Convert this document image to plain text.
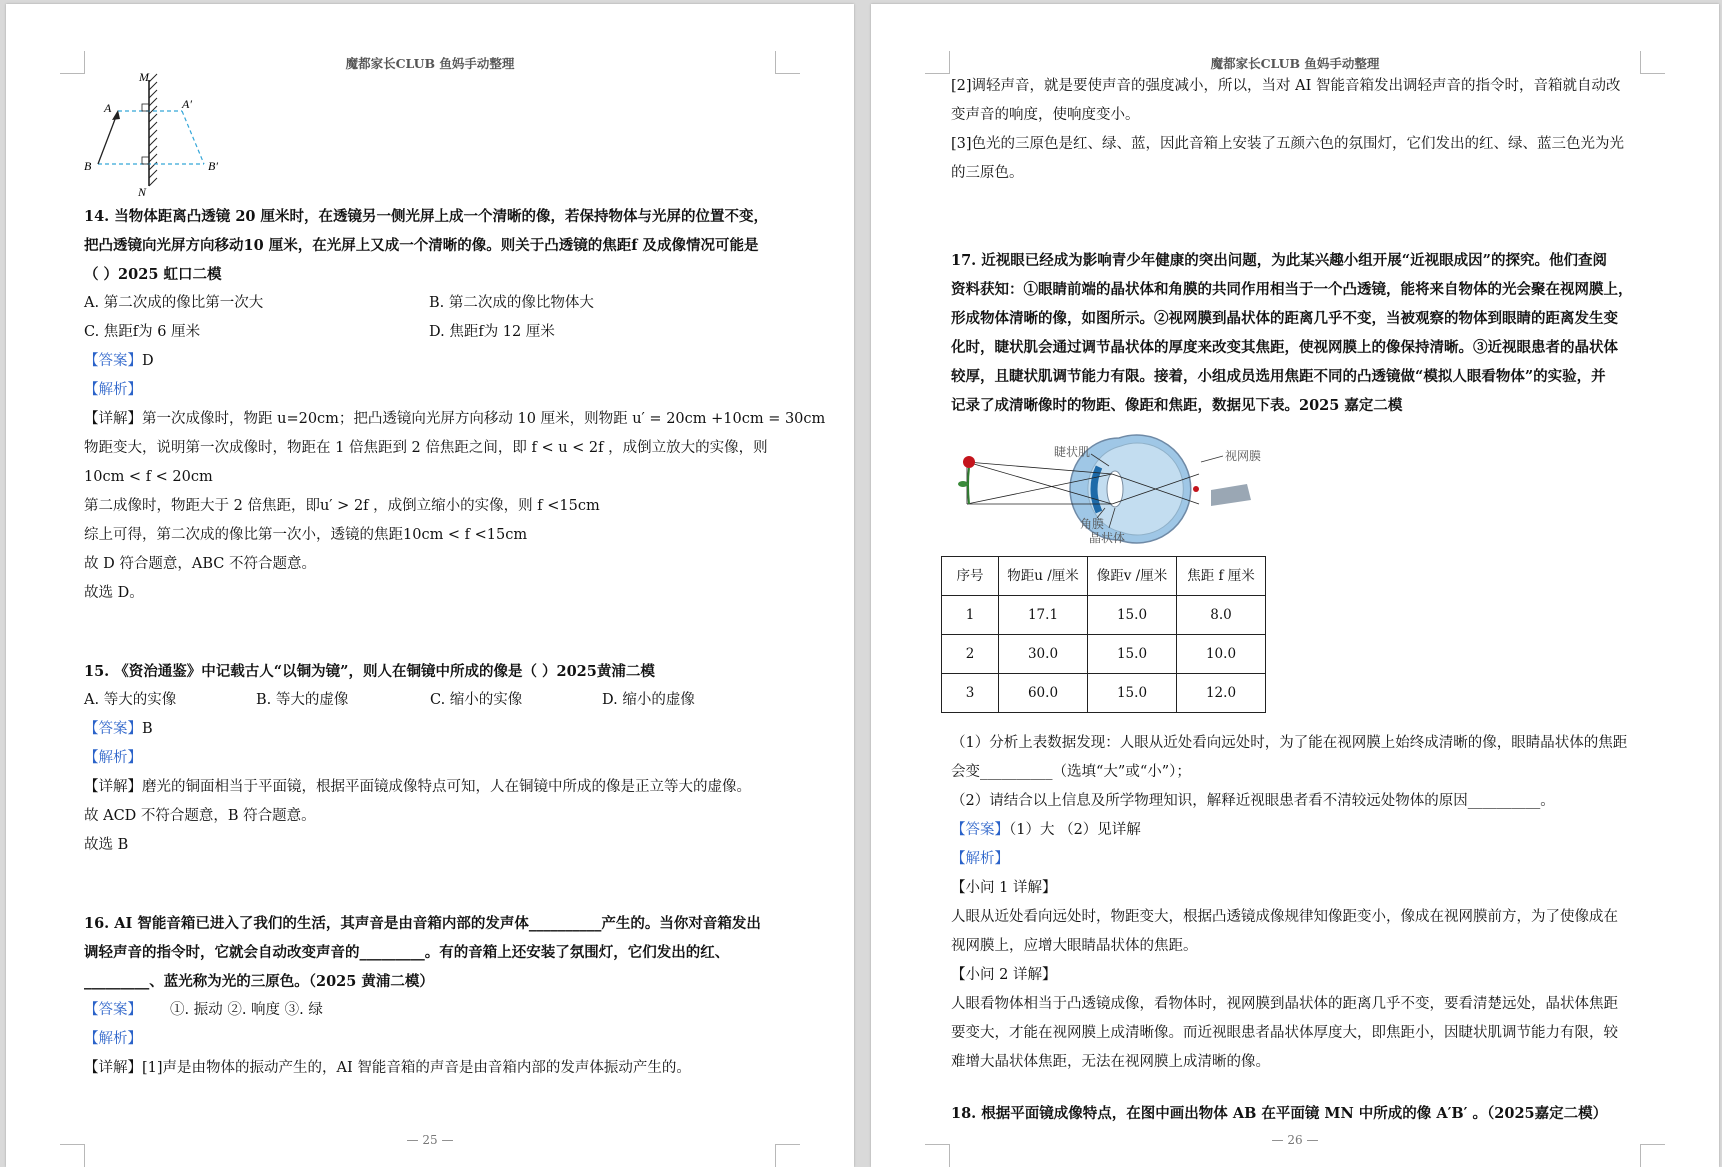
魔都家长CLUB 鱼妈手动整理
M
A	A′
B	B′
N
14. 当物体距离凸透镜 20 厘米时，在透镜另一侧光屏上成一个清晰的像，若保持物体与光屏的位置不变，
把凸透镜向光屏方向移动10 厘米，在光屏上又成一个清晰的像。则关于凸透镜的焦距f 及成像情况可能是
（ ）2025 虹口二模
A. 第二次成的像比第一次大	B. 第二次成的像比物体大
C. 焦距f为 6 厘米	D. 焦距f为 12 厘米
【答案】D
【解析】
【详解】第一次成像时，物距 u=20cm；把凸透镜向光屏方向移动 10 厘米，则物距 u′ = 20cm +10cm = 30cm
物距变大，说明第一次成像时，物距在 1 倍焦距到 2 倍焦距之间，即 f < u < 2f ，成倒立放大的实像，则
10cm < f < 20cm
第二成像时，物距大于 2 倍焦距，即u′ > 2f ，成倒立缩小的实像，则 f <15cm
综上可得，第二次成的像比第一次小，透镜的焦距10cm < f <15cm
故 D 符合题意，ABC 不符合题意。
故选 D。
15. 《资治通鉴》中记载古人“以铜为镜”，则人在铜镜中所成的像是（ ）2025黄浦二模
A. 等大的实像	B. 等大的虚像	C. 缩小的实像	D. 缩小的虚像
【答案】B
【解析】
【详解】磨光的铜面相当于平面镜，根据平面镜成像特点可知，人在铜镜中所成的像是正立等大的虚像。
故 ACD 不符合题意，B 符合题意。
故选 B
16. AI 智能音箱已进入了我们的生活，其声音是由音箱内部的发声体__________产生的。当你对音箱发出
调轻声音的指令时，它就会自动改变声音的_________。有的音箱上还安装了氛围灯，它们发出的红、
_________、蓝光称为光的三原色。（2025 黄浦二模）
【答案】 ①. 振动 ②. 响度 ③. 绿
【解析】
【详解】[1]声是由物体的振动产生的，AI 智能音箱的声音是由音箱内部的发声体振动产生的。
— 25 —
魔都家长CLUB 鱼妈手动整理
[2]调轻声音，就是要使声音的强度减小，所以，当对 AI 智能音箱发出调轻声音的指令时，音箱就自动改
变声音的响度，使响度变小。
[3]色光的三原色是红、绿、蓝，因此音箱上安装了五颜六色的氛围灯，它们发出的红、绿、蓝三色光为光
的三原色。
17. 近视眼已经成为影响青少年健康的突出问题，为此某兴趣小组开展“近视眼成因”的探究。他们查阅
资料获知：①眼睛前端的晶状体和角膜的共同作用相当于一个凸透镜，能将来自物体的光会聚在视网膜上，
形成物体清晰的像，如图所示。②视网膜到晶状体的距离几乎不变，当被观察的物体到眼睛的距离发生变
化时，睫状肌会通过调节晶状体的厚度来改变其焦距，使视网膜上的像保持清晰。③近视眼患者的晶状体
较厚，且睫状肌调节能力有限。接着，小组成员选用焦距不同的凸透镜做“模拟人眼看物体”的实验，并
记录了成清晰像时的物距、像距和焦距，数据见下表。2025 嘉定二模
睫状肌	视网膜
角膜
晶状体
序号	物距u /厘米	像距v /厘米	焦距 f 厘米
1	17.1	15.0	8.0
2	30.0	15.0	10.0
3	60.0	15.0	12.0
（1）分析上表数据发现：人眼从近处看向远处时，为了能在视网膜上始终成清晰的像，眼睛晶状体的焦距
会变__________（选填“大”或“小”）；
（2）请结合以上信息及所学物理知识，解释近视眼患者看不清较远处物体的原因__________。
【答案】（1）大 （2）见详解
【解析】
【小问 1 详解】
人眼从近处看向远处时，物距变大，根据凸透镜成像规律知像距变小，像成在视网膜前方，为了使像成在
视网膜上，应增大眼睛晶状体的焦距。
【小问 2 详解】
人眼看物体相当于凸透镜成像，看物体时，视网膜到晶状体的距离几乎不变，要看清楚远处，晶状体焦距
要变大，才能在视网膜上成清晰像。而近视眼患者晶状体厚度大，即焦距小，因睫状肌调节能力有限，较
难增大晶状体焦距，无法在视网膜上成清晰的像。
18. 根据平面镜成像特点，在图中画出物体 AB 在平面镜 MN 中所成的像 A′B′ 。（2025嘉定二模）
— 26 —
